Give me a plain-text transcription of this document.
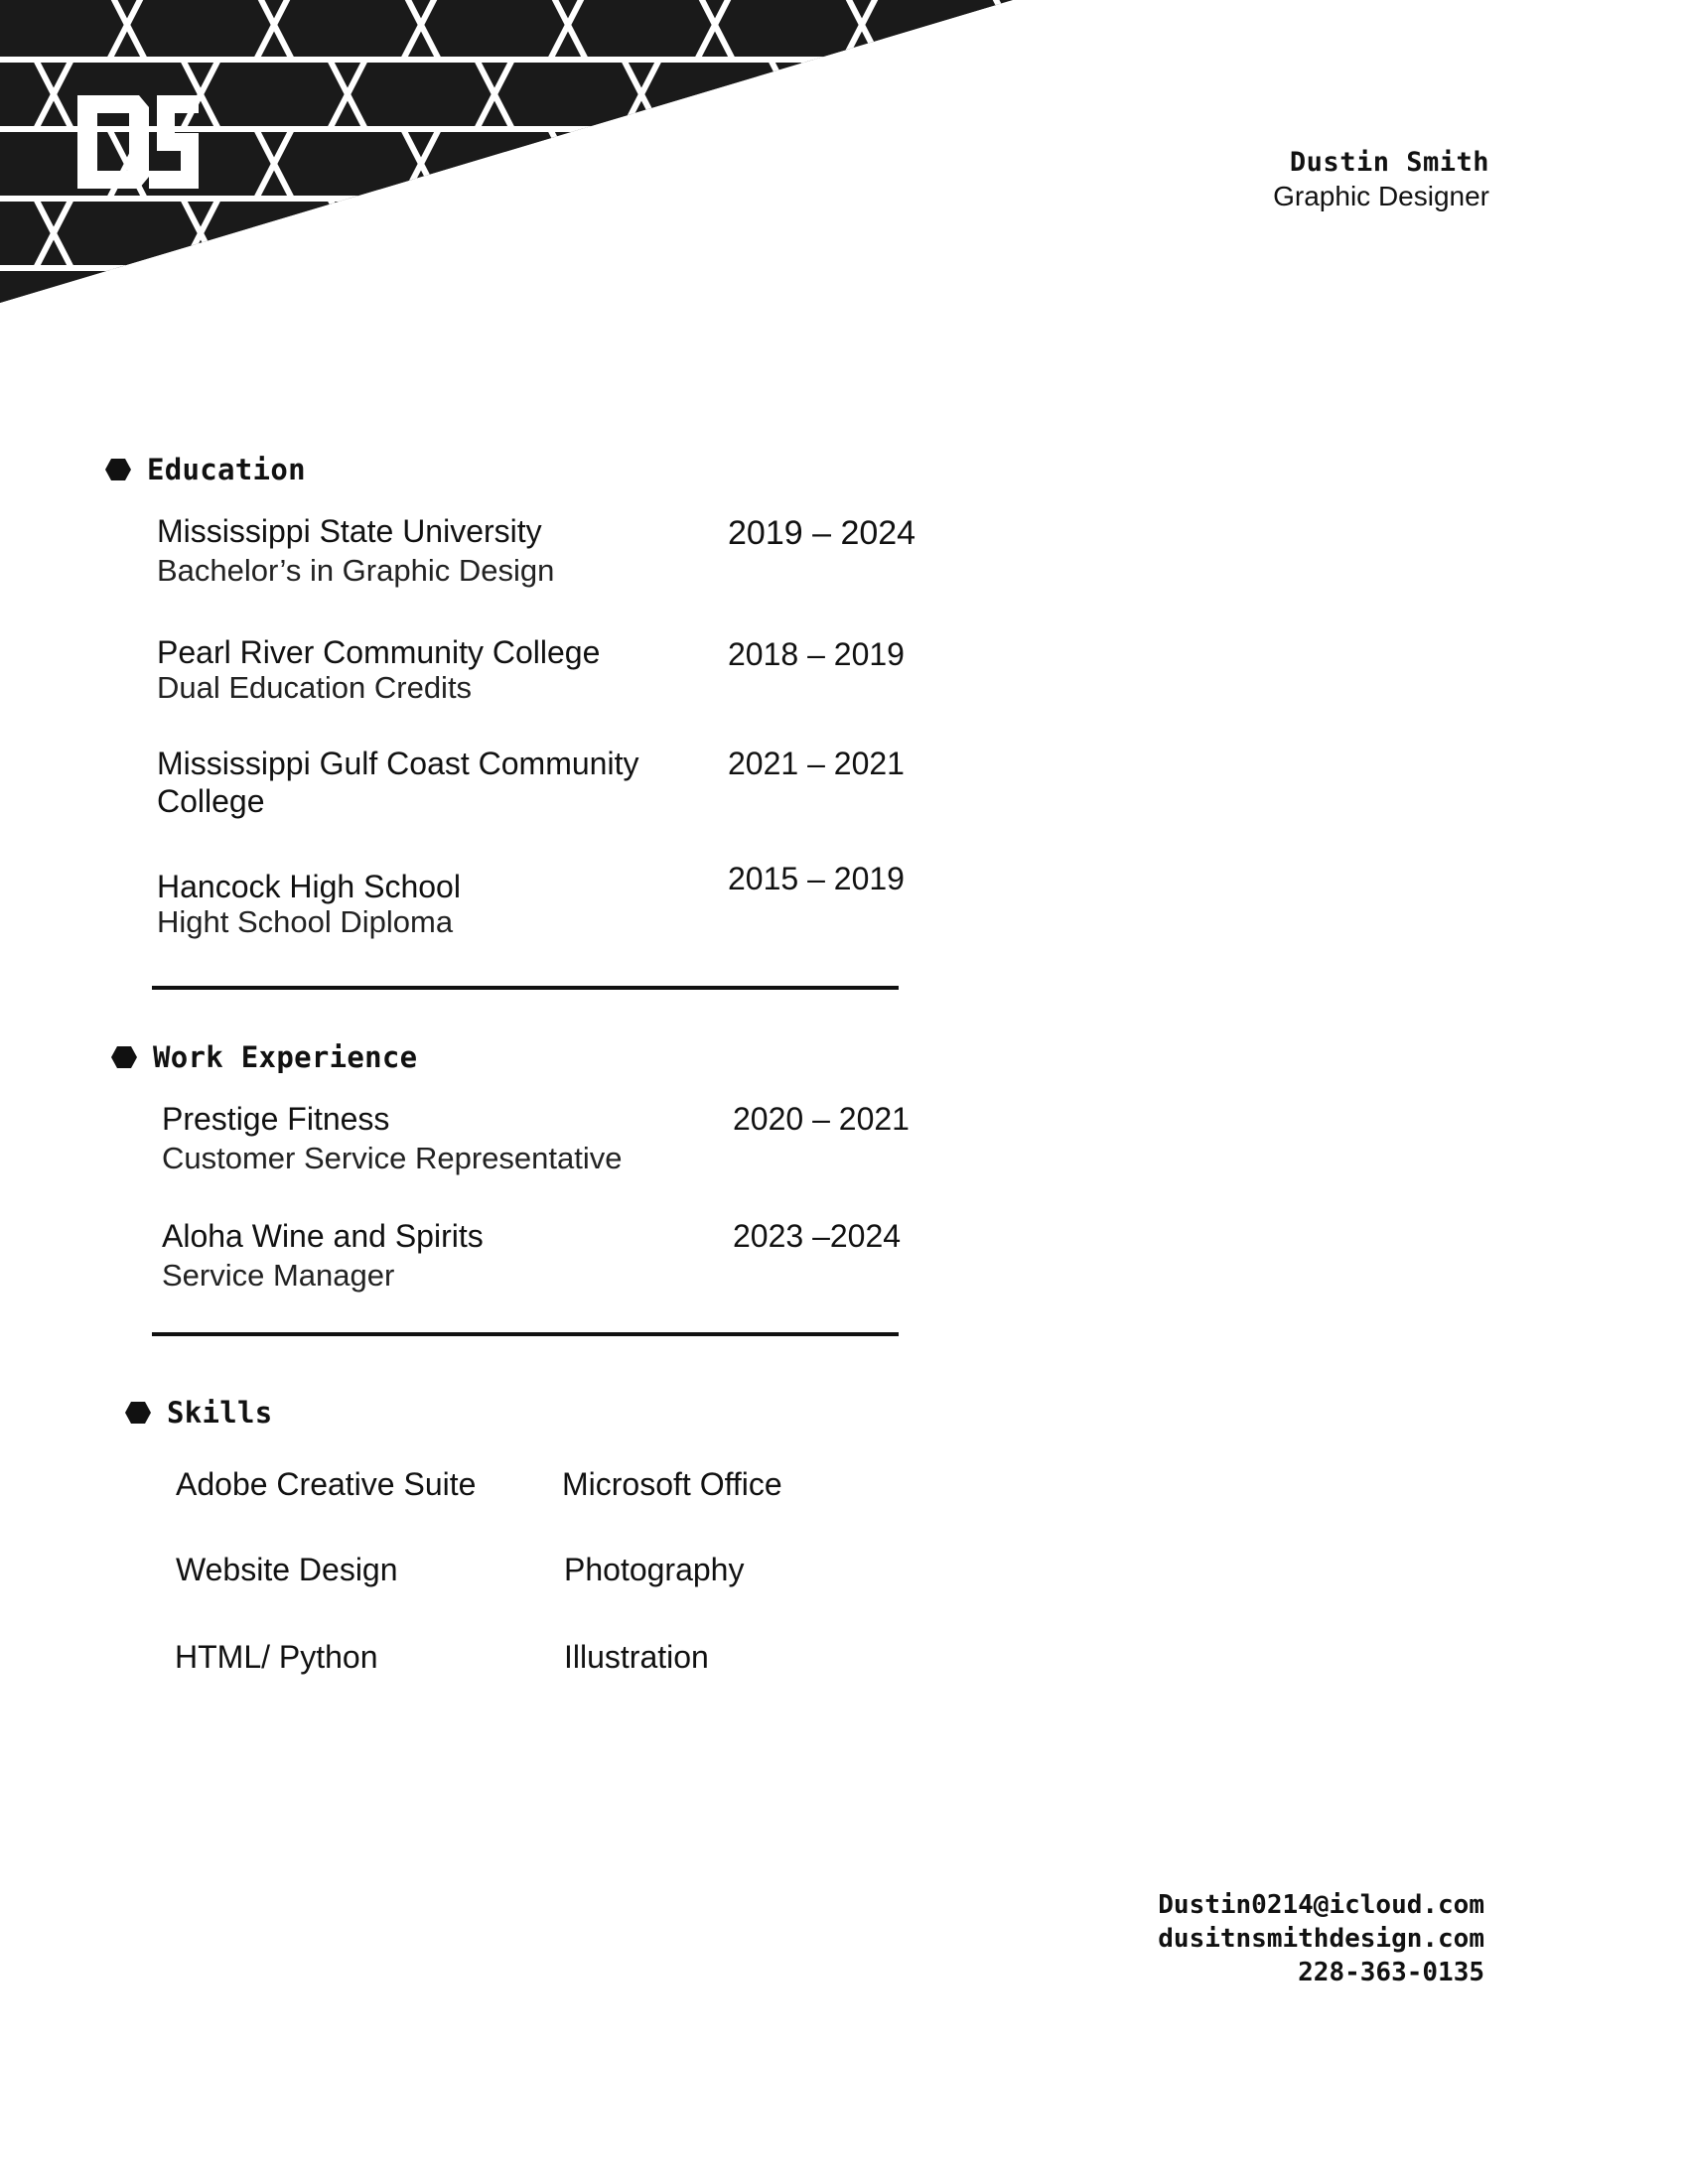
Dustin Smith
Graphic Designer
Education
Mississippi State University
Bachelor’s in Graphic Design
2019 – 2024
Pearl River Community College
Dual Education Credits
2018 – 2019
Mississippi Gulf Coast Community College
2021 – 2021
Hancock High School
Hight School Diploma
2015 – 2019
Work Experience
Prestige Fitness
Customer Service Representative
2020 – 2021
Aloha Wine and Spirits
Service Manager
2023 –2024
Skills
Adobe Creative Suite	Microsoft Office
Website Design	Photography
HTML/ Python	Illustration
Dustin0214@icloud.com
dusitnsmithdesign.com
228-363-0135
